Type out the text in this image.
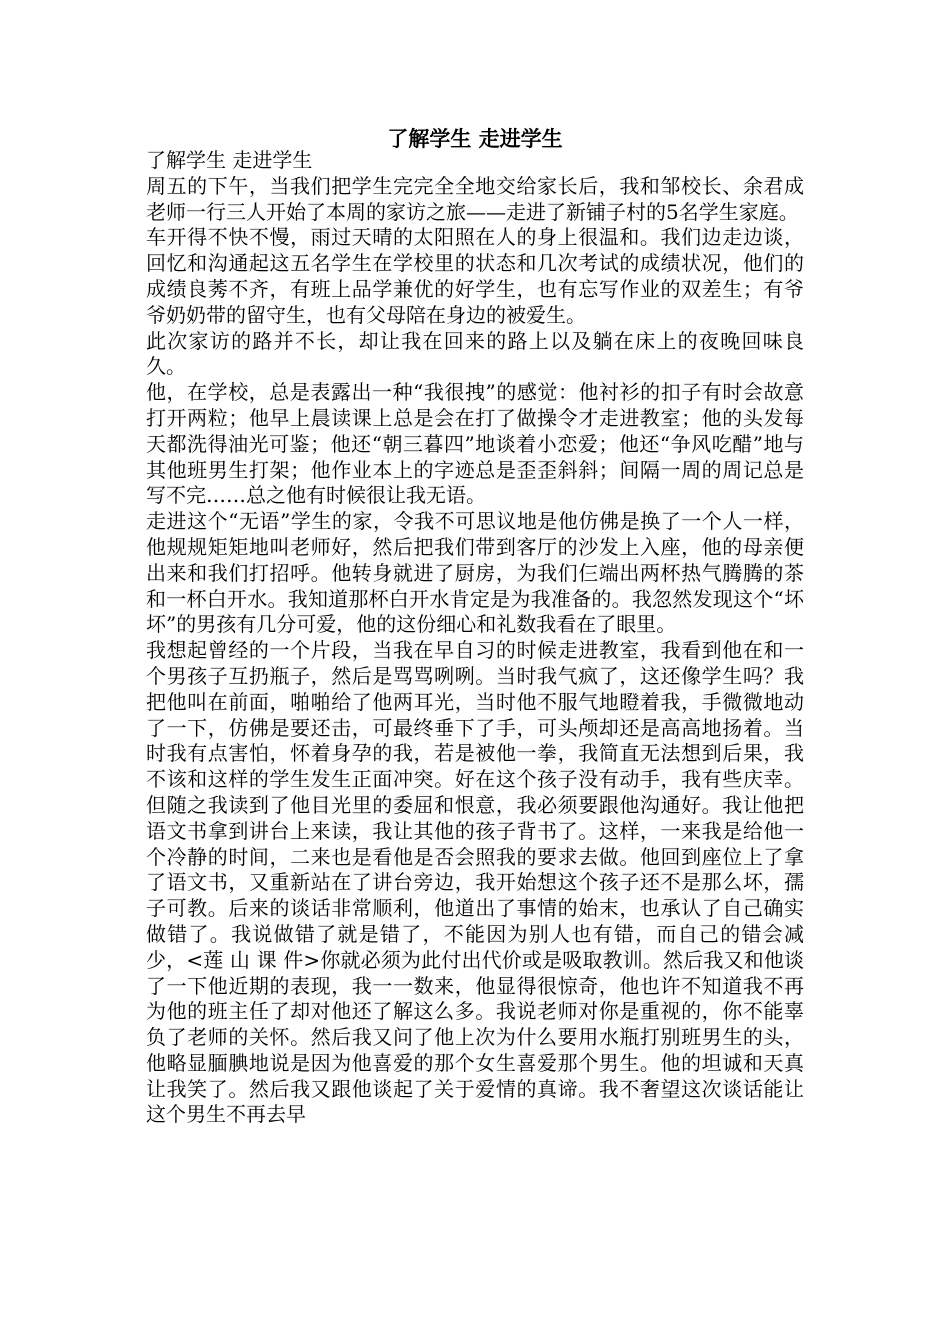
了解学生 走进学生

了解学生 走进学生

周五的下午，当我们把学生完完全全地交给家长后，我和邹校长、余君成老师一行三人开始了本周的家访之旅——走进了新铺子村的5名学生家庭。

车开得不快不慢，雨过天晴的太阳照在人的身上很温和。我们边走边谈，回忆和沟通起这五名学生在学校里的状态和几次考试的成绩状况，他们的成绩良莠不齐，有班上品学兼优的好学生，也有忘写作业的双差生；有爷爷奶奶带的留守生，也有父母陪在身边的被爱生。

此次家访的路并不长，却让我在回来的路上以及躺在床上的夜晚回味良久。

他，在学校，总是表露出一种“我很拽”的感觉：他衬衫的扣子有时会故意打开两粒；他早上晨读课上总是会在打了做操令才走进教室；他的头发每天都洗得油光可鉴；他还“朝三暮四”地谈着小恋爱；他还“争风吃醋”地与其他班男生打架；他作业本上的字迹总是歪歪斜斜；间隔一周的周记总是写不完……总之他有时候很让我无语。

走进这个“无语”学生的家，令我不可思议地是他仿佛是换了一个人一样，他规规矩矩地叫老师好，然后把我们带到客厅的沙发上入座，他的母亲便出来和我们打招呼。他转身就进了厨房，为我们仨端出两杯热气腾腾的茶和一杯白开水。我知道那杯白开水肯定是为我准备的。我忽然发现这个“坏坏”的男孩有几分可爱，他的这份细心和礼数我看在了眼里。

我想起曾经的一个片段，当我在早自习的时候走进教室，我看到他在和一个男孩子互扔瓶子，然后是骂骂咧咧。当时我气疯了，这还像学生吗？我把他叫在前面，啪啪给了他两耳光，当时他不服气地瞪着我，手微微地动了一下，仿佛是要还击，可最终垂下了手，可头颅却还是高高地扬着。当时我有点害怕，怀着身孕的我，若是被他一拳，我简直无法想到后果，我不该和这样的学生发生正面冲突。好在这个孩子没有动手，我有些庆幸。但随之我读到了他目光里的委屈和恨意，我必须要跟他沟通好。我让他把语文书拿到讲台上来读，我让其他的孩子背书了。这样，一来我是给他一个冷静的时间，二来也是看他是否会照我的要求去做。他回到座位上了拿了语文书，又重新站在了讲台旁边，我开始想这个孩子还不是那么坏，孺子可教。后来的谈话非常顺利，他道出了事情的始末，也承认了自己确实做错了。我说做错了就是错了，不能因为别人也有错，而自己的错会减少，<莲 山 课 件>你就必须为此付出代价或是吸取教训。然后我又和他谈了一下他近期的表现，我一一数来，他显得很惊奇，他也许不知道我不再为他的班主任了却对他还了解这么多。我说老师对你是重视的，你不能辜负了老师的关怀。然后我又问了他上次为什么要用水瓶打别班男生的头，他略显腼腆地说是因为他喜爱的那个女生喜爱那个男生。他的坦诚和天真让我笑了。然后我又跟他谈起了关于爱情的真谛。我不奢望这次谈话能让这个男生不再去早
